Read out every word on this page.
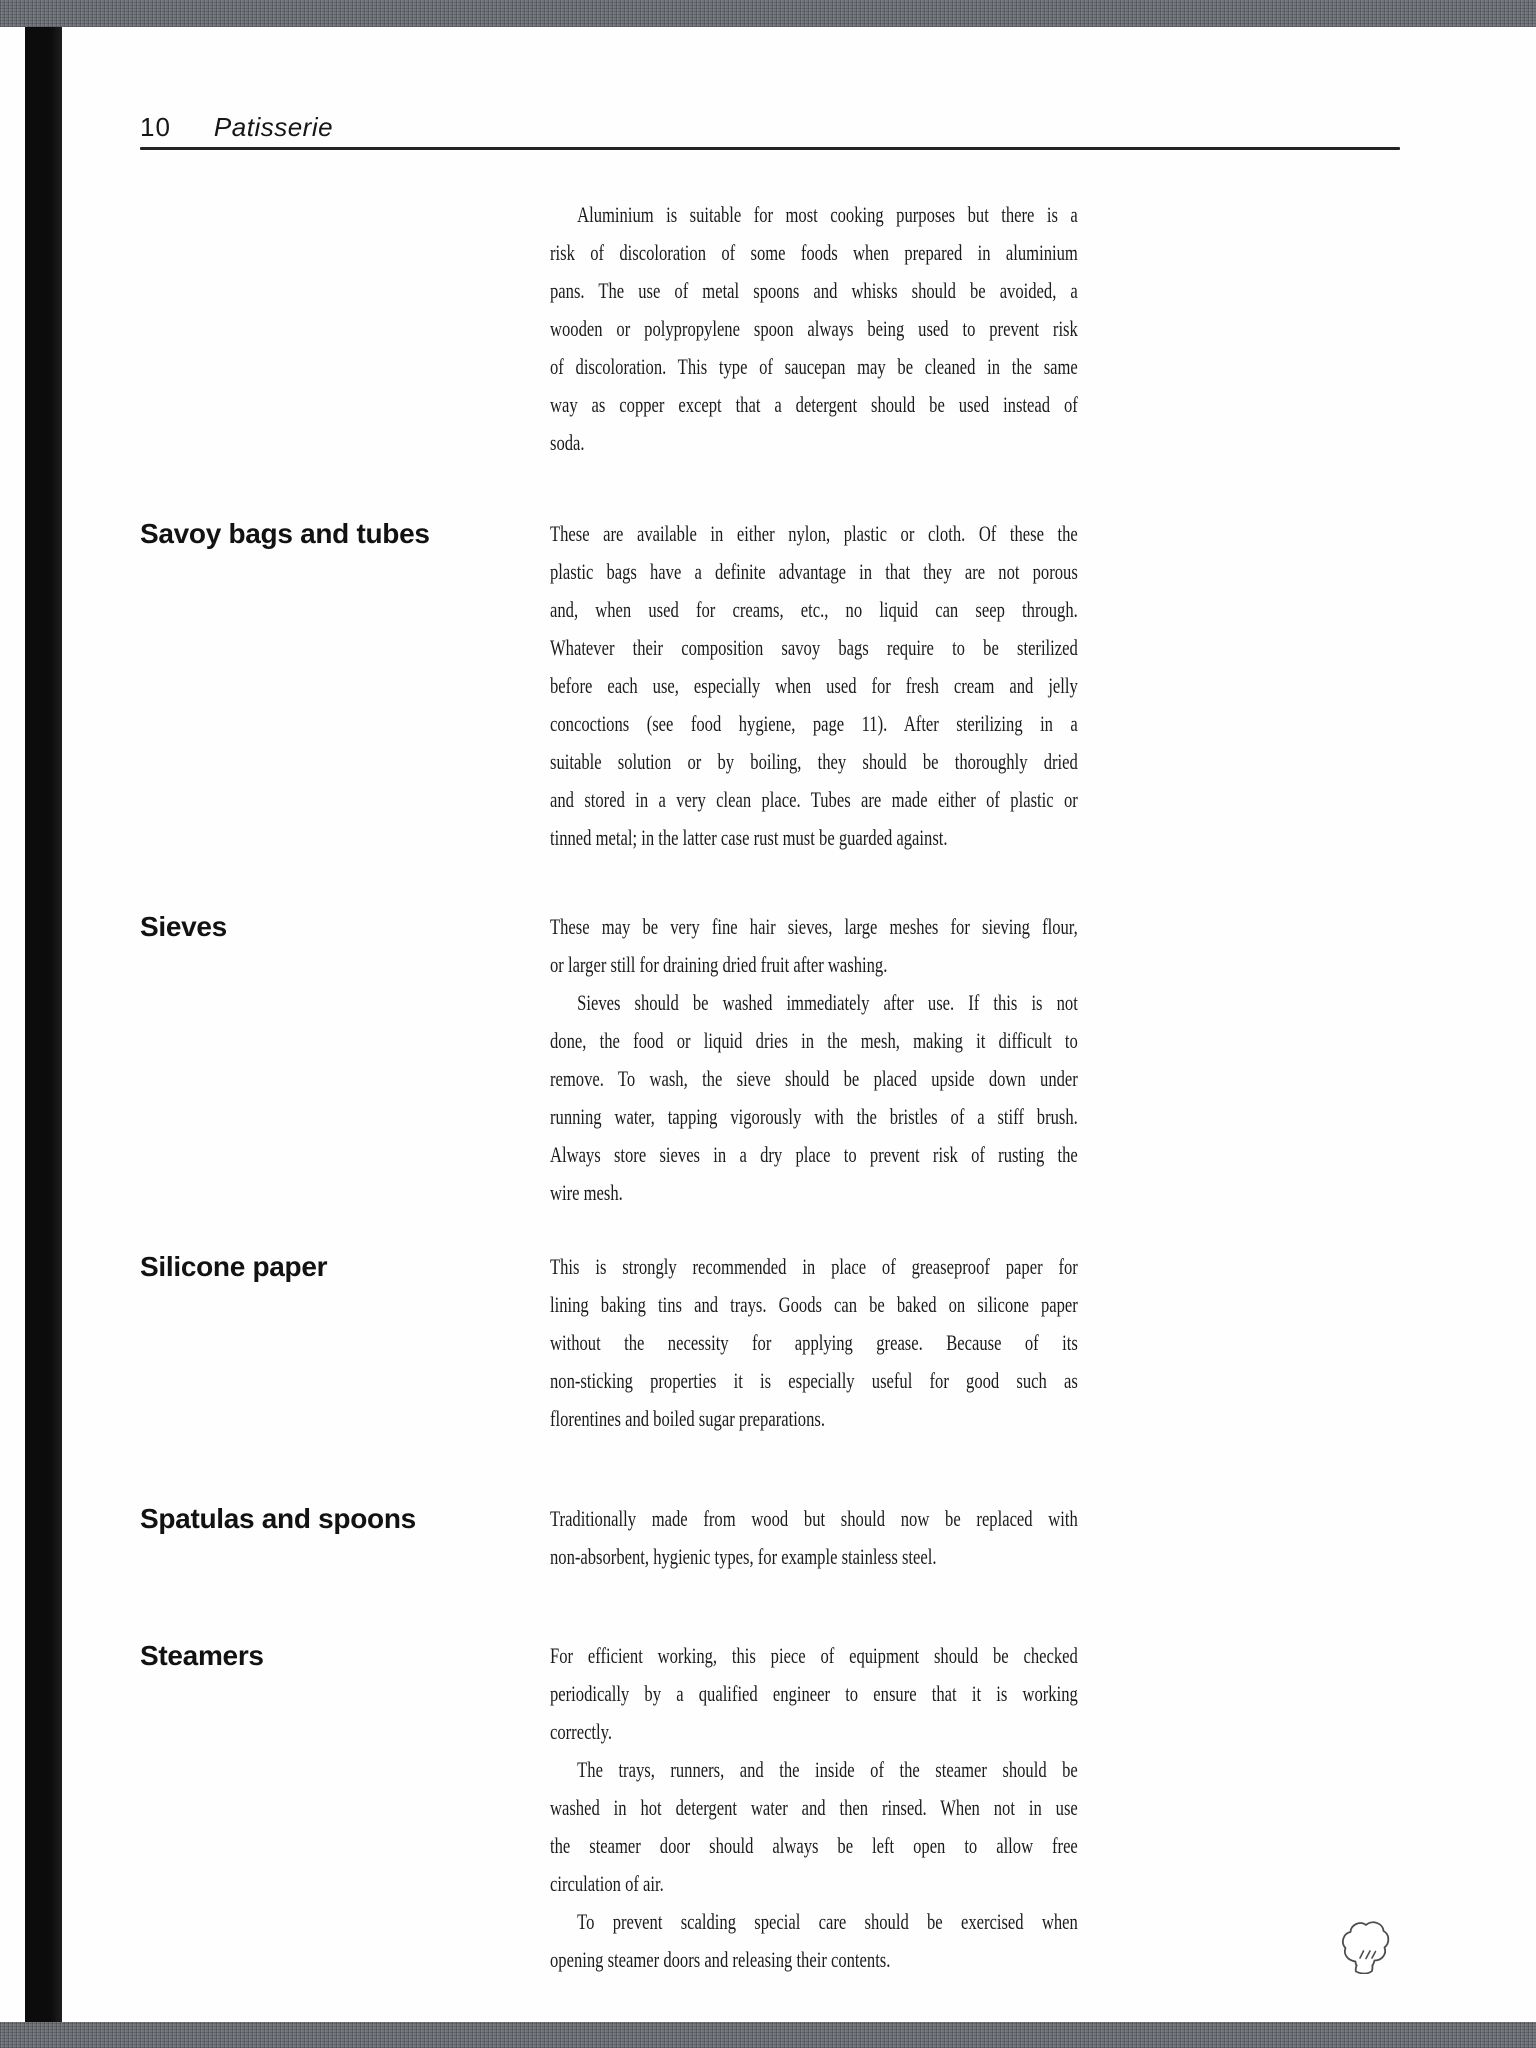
10 Patisserie
Aluminium is suitable for most cooking purposes but there is a
risk of discoloration of some foods when prepared in aluminium
pans. The use of metal spoons and whisks should be avoided, a
wooden or polypropylene spoon always being used to prevent risk
of discoloration. This type of saucepan may be cleaned in the same
way as copper except that a detergent should be used instead of
soda.
Savoy bags and tubes	These are available in either nylon, plastic or cloth. Of these the
plastic bags have a definite advantage in that they are not porous
and, when used for creams, etc., no liquid can seep through.
Whatever their composition savoy bags require to be sterilized
before each use, especially when used for fresh cream and jelly
concoctions (see food hygiene, page 11). After sterilizing in a
suitable solution or by boiling, they should be thoroughly dried
and stored in a very clean place. Tubes are made either of plastic or
tinned metal; in the latter case rust must be guarded against.
Sieves	These may be very fine hair sieves, large meshes for sieving flour,
or larger still for draining dried fruit after washing.
Sieves should be washed immediately after use. If this is not
done, the food or liquid dries in the mesh, making it difficult to
remove. To wash, the sieve should be placed upside down under
running water, tapping vigorously with the bristles of a stiff brush.
Always store sieves in a dry place to prevent risk of rusting the
wire mesh.
Silicone paper	This is strongly recommended in place of greaseproof paper for
lining baking tins and trays. Goods can be baked on silicone paper
without the necessity for applying grease. Because of its
non-sticking properties it is especially useful for good such as
florentines and boiled sugar preparations.
Spatulas and spoons	Traditionally made from wood but should now be replaced with
non-absorbent, hygienic types, for example stainless steel.
Steamers	For efficient working, this piece of equipment should be checked
periodically by a qualified engineer to ensure that it is working
correctly.
The trays, runners, and the inside of the steamer should be
washed in hot detergent water and then rinsed. When not in use
the steamer door should always be left open to allow free
circulation of air.
To prevent scalding special care should be exercised when
opening steamer doors and releasing their contents.
